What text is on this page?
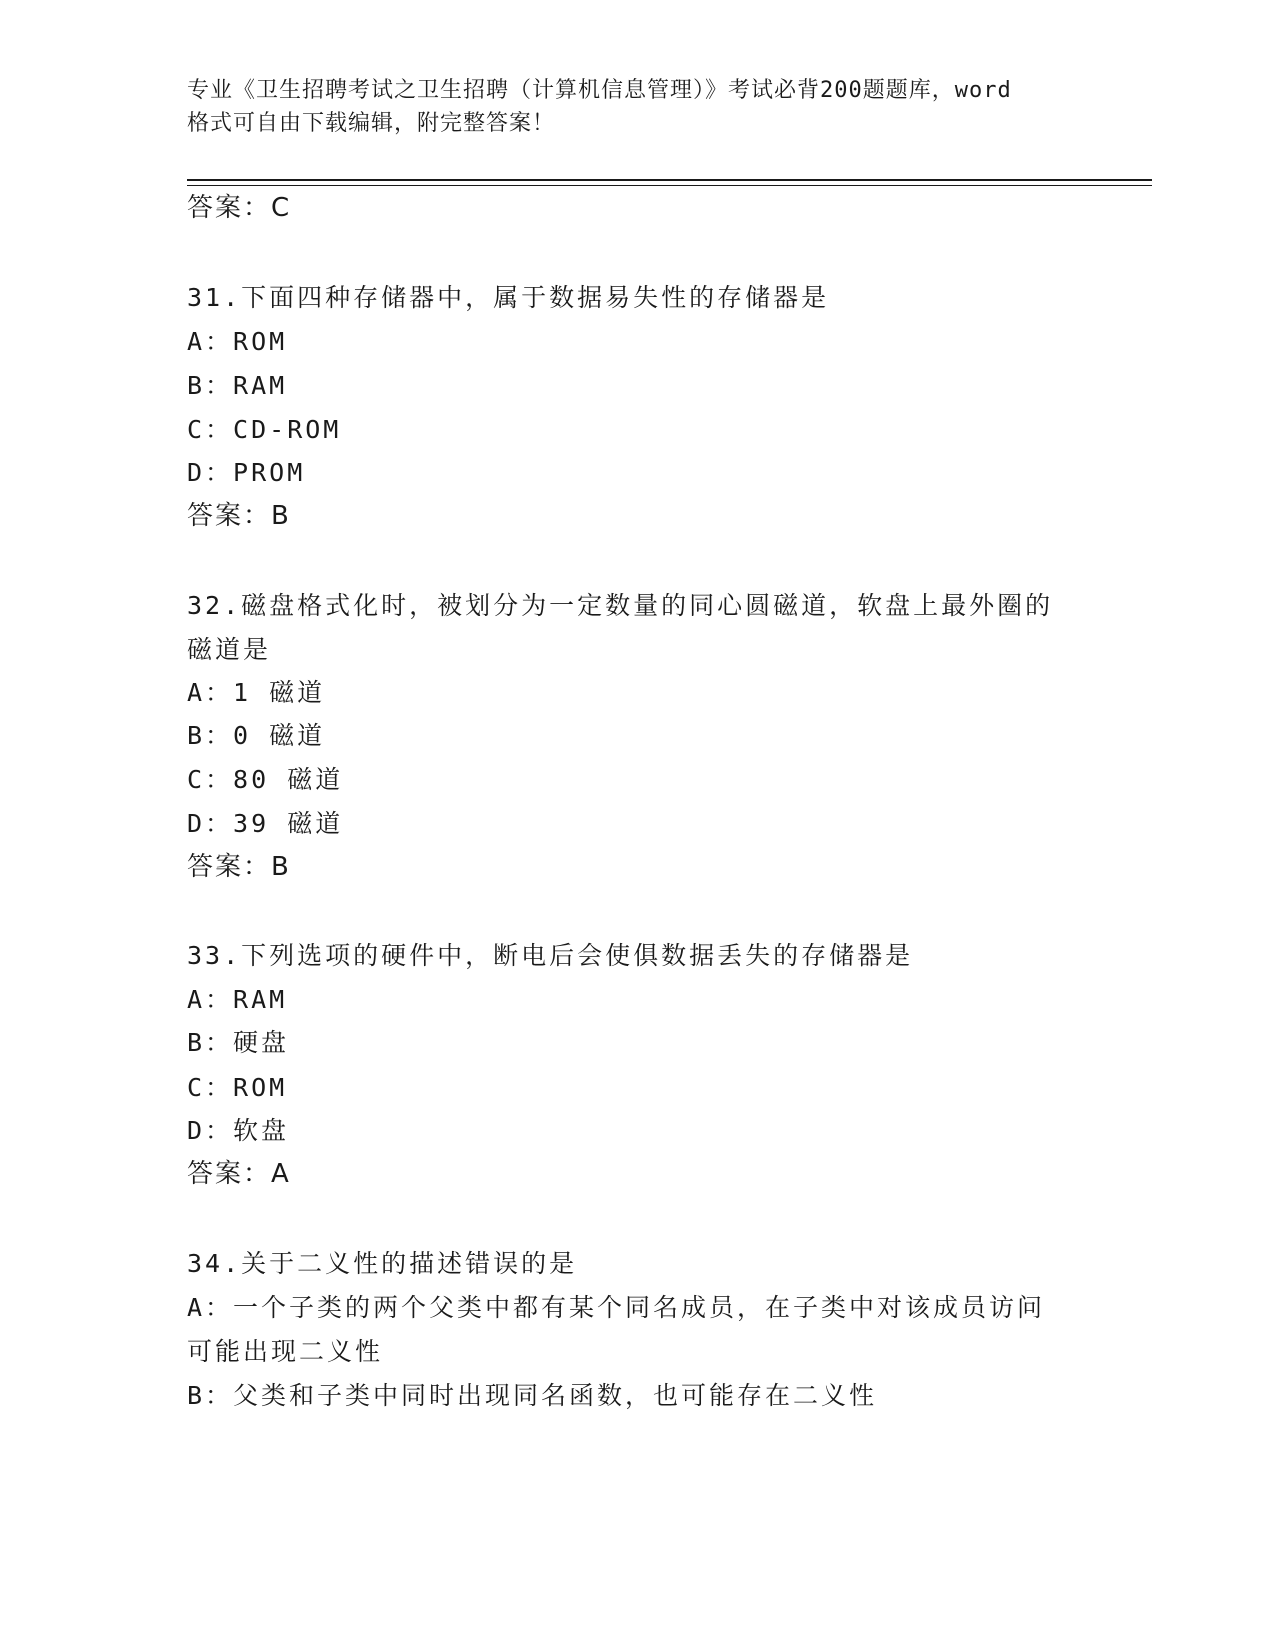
专业《卫生招聘考试之卫生招聘（计算机信息管理）》考试必背200题题库，word
格式可自由下载编辑，附完整答案！
答案：C
31.下面四种存储器中，属于数据易失性的存储器是
A：ROM
B：RAM
C：CD-ROM
D：PROM
答案：B
32.磁盘格式化时，被划分为一定数量的同心圆磁道，软盘上最外圈的
磁道是
A：1 磁道
B：0 磁道
C：80 磁道
D：39 磁道
答案：B
33.下列选项的硬件中，断电后会使俱数据丢失的存储器是
A：RAM
B：硬盘
C：ROM
D：软盘
答案：A
34.关于二义性的描述错误的是
A：一个子类的两个父类中都有某个同名成员，在子类中对该成员访问
可能出现二义性
B：父类和子类中同时出现同名函数，也可能存在二义性
